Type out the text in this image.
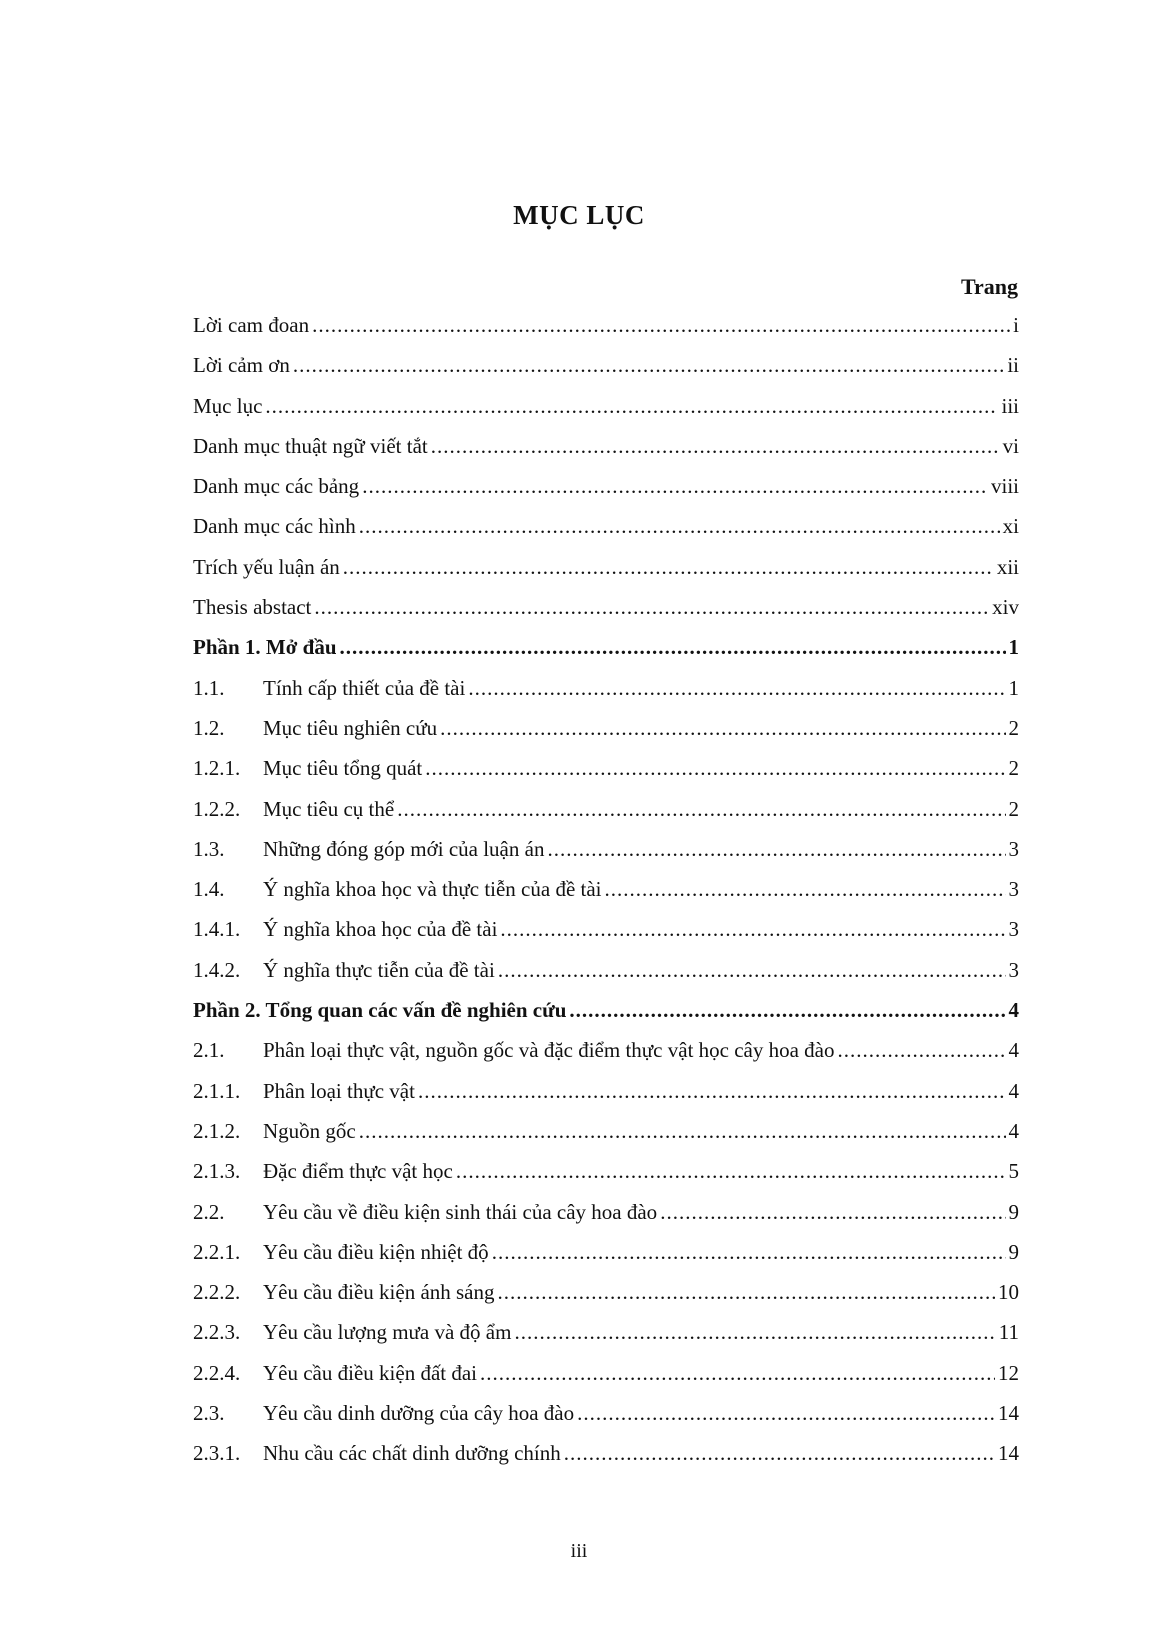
MỤC LỤC
Trang
Lời cam đoan .....	i
Lời cảm ơn .....	ii
Mục lục .....	iii
Danh mục thuật ngữ viết tắt .....	vi
Danh mục các bảng .....	viii
Danh mục các hình .....	xi
Trích yếu luận án .....	xii
Thesis abstact .....	xiv
Phần 1. Mở đầu .....	1
1.1.	Tính cấp thiết của đề tài .....	1
1.2.	Mục tiêu nghiên cứu .....	2
1.2.1.	Mục tiêu tổng quát .....	2
1.2.2.	Mục tiêu cụ thể .....	2
1.3.	Những đóng góp mới của luận án .....	3
1.4.	Ý nghĩa khoa học và thực tiễn của đề tài .....	3
1.4.1.	Ý nghĩa khoa học của đề tài .....	3
1.4.2.	Ý nghĩa thực tiễn của đề tài .....	3
Phần 2. Tổng quan các vấn đề nghiên cứu .....	4
2.1.	Phân loại thực vật, nguồn gốc và đặc điểm thực vật học cây hoa đào .....	4
2.1.1.	Phân loại thực vật .....	4
2.1.2.	Nguồn gốc .....	4
2.1.3.	Đặc điểm thực vật học .....	5
2.2.	Yêu cầu về điều kiện sinh thái của cây hoa đào .....	9
2.2.1.	Yêu cầu điều kiện nhiệt độ .....	9
2.2.2.	Yêu cầu điều kiện ánh sáng .....	10
2.2.3.	Yêu cầu lượng mưa và độ ẩm .....	11
2.2.4.	Yêu cầu điều kiện đất đai .....	12
2.3.	Yêu cầu dinh dưỡng của cây hoa đào .....	14
2.3.1.	Nhu cầu các chất dinh dưỡng chính .....	14
iii
